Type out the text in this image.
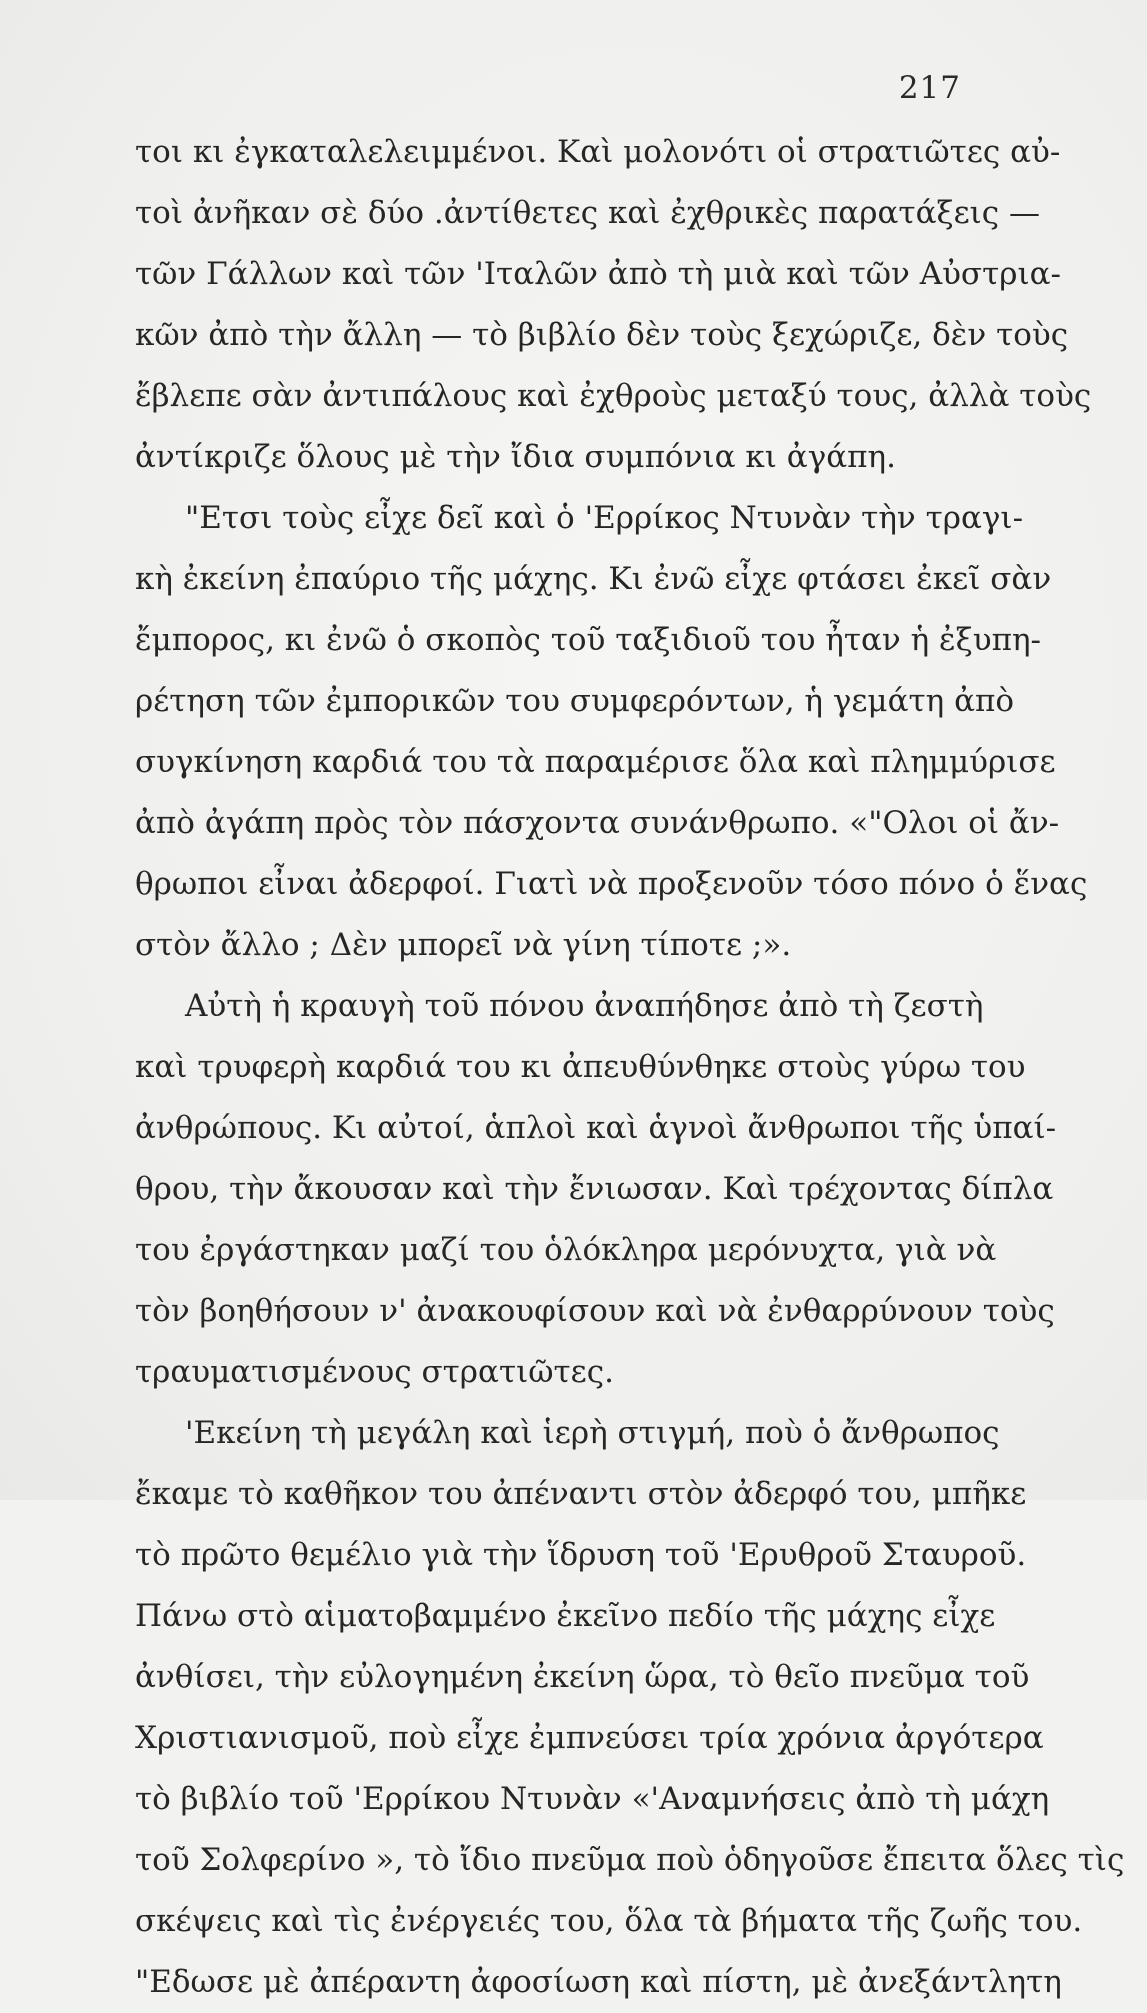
217
τοι κι ἐγκαταλελειμμένοι. Καὶ μολονότι οἱ στρατιῶτες αὐ-
τοὶ ἀνῆκαν σὲ δύο .ἀντίθετες καὶ ἐχθρικὲς παρατάξεις —
τῶν Γάλλων καὶ τῶν 'Ιταλῶν ἀπὸ τὴ μιὰ καὶ τῶν Αὐστρια-
κῶν ἀπὸ τὴν ἄλλη — τὸ βιβλίο δὲν τοὺς ξεχώριζε, δὲν τοὺς
ἔβλεπε σὰν ἀντιπάλους καὶ ἐχθροὺς μεταξύ τους, ἀλλὰ τοὺς
ἀντίκριζε ὅλους μὲ τὴν ἴδια συμπόνια κι ἀγάπη.
"Ετσι τοὺς εἶχε δεῖ καὶ ὁ 'Ερρίκος Ντυνὰν τὴν τραγι-
κὴ ἐκείνη ἐπαύριο τῆς μάχης. Κι ἐνῶ εἶχε φτάσει ἐκεῖ σὰν
ἔμπορος, κι ἐνῶ ὁ σκοπὸς τοῦ ταξιδιοῦ του ἦταν ἡ ἐξυπη-
ρέτηση τῶν ἐμπορικῶν του συμφερόντων, ἡ γεμάτη ἀπὸ
συγκίνηση καρδιά του τὰ παραμέρισε ὅλα καὶ πλημμύρισε
ἀπὸ ἀγάπη πρὸς τὸν πάσχοντα συνάνθρωπο. «"Ολοι οἱ ἄν-
θρωποι εἶναι ἀδερφοί. Γιατὶ νὰ προξενοῦν τόσο πόνο ὁ ἕνας
στὸν ἄλλο ; Δὲν μπορεῖ νὰ γίνη τίποτε ;».
Αὐτὴ ἡ κραυγὴ τοῦ πόνου ἀναπήδησε ἀπὸ τὴ ζεστὴ
καὶ τρυφερὴ καρδιά του κι ἀπευθύνθηκε στοὺς γύρω του
ἀνθρώπους. Κι αὐτοί, ἁπλοὶ καὶ ἁγνοὶ ἄνθρωποι τῆς ὑπαί-
θρου, τὴν ἄκουσαν καὶ τὴν ἔνιωσαν. Καὶ τρέχοντας δίπλα
του ἐργάστηκαν μαζί του ὁλόκληρα μερόνυχτα, γιὰ νὰ
τὸν βοηθήσουν ν' ἀνακουφίσουν καὶ νὰ ἐνθαρρύνουν τοὺς
τραυματισμένους στρατιῶτες.
'Εκείνη τὴ μεγάλη καὶ ἱερὴ στιγμή, ποὺ ὁ ἄνθρωπος
ἔκαμε τὸ καθῆκον του ἀπέναντι στὸν ἀδερφό του, μπῆκε
τὸ πρῶτο θεμέλιο γιὰ τὴν ἵδρυση τοῦ 'Ερυθροῦ Σταυροῦ.
Πάνω στὸ αἱματοβαμμένο ἐκεῖνο πεδίο τῆς μάχης εἶχε
ἀνθίσει, τὴν εὐλογημένη ἐκείνη ὥρα, τὸ θεῖο πνεῦμα τοῦ
Χριστιανισμοῦ, ποὺ εἶχε ἐμπνεύσει τρία χρόνια ἀργότερα
τὸ βιβλίο τοῦ 'Ερρίκου Ντυνὰν «'Αναμνήσεις ἀπὸ τὴ μάχη
τοῦ Σολφερίνο », τὸ ἴδιο πνεῦμα ποὺ ὁδηγοῦσε ἔπειτα ὅλες τὶς
σκέψεις καὶ τὶς ἐνέργειές του, ὅλα τὰ βήματα τῆς ζωῆς του.
"Εδωσε μὲ ἀπέραντη ἀφοσίωση καὶ πίστη, μὲ ἀνεξάντλητη
